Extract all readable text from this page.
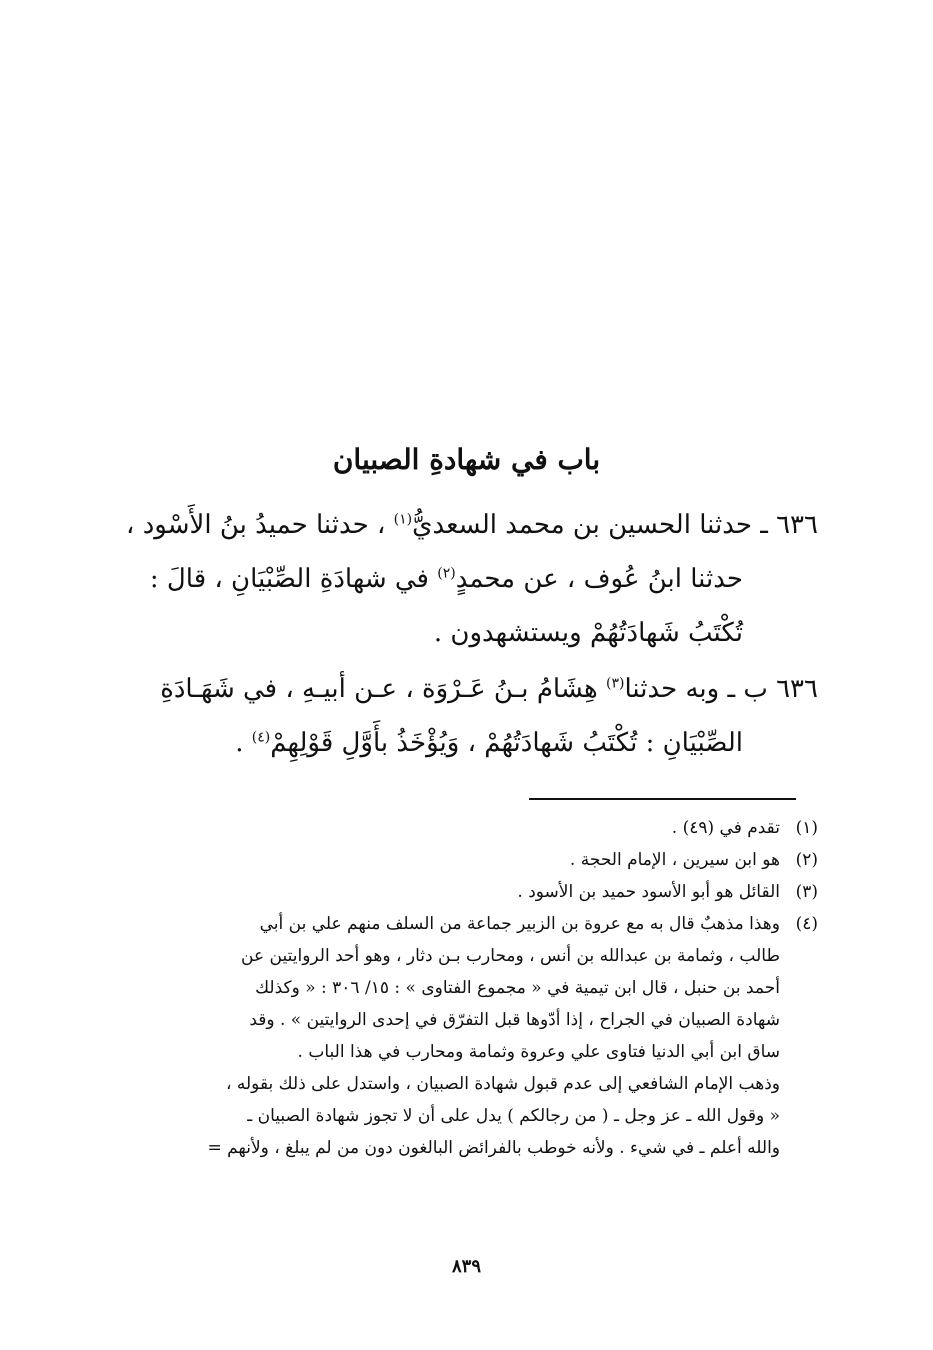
باب في شهادةِ الصبيان
٦٣٦ ـ حدثنا الحسين بن محمد السعديُّ$^{(١)}$ ، حدثنا حميدُ بنُ الأَسْود ،
حدثنا ابنُ عُوف ، عن محمدٍ$^{(٢)}$ في شهادَةِ الصِّبْيَانِ ، قالَ :
تُكْتَبُ شَهادَتُهُمْ ويستشهدون .
٦٣٦ ب ـ وبه حدثنا$^{(٣)}$ هِشَامُ بـنُ عَـرْوَة ، عـن أبيـهِ ، في شَهَـادَةِ
الصِّبْيَانِ : تُكْتَبُ شَهادَتُهُمْ ، وَيُؤْخَذُ بأَوَّلِ قَوْلِهِمْ$^{(٤)}$ .
(١)تقدم في (٤٩) .
(٢)هو ابن سيرين ، الإمام الحجة .
(٣)القائل هو أبو الأسود حميد بن الأسود .
(٤)وهذا مذهبٌ قال به مع عروة بن الزبير جماعة من السلف منهم علي بن أبي
طالب ، وثمامة بن عبدالله بن أنس ، ومحارب بـن دثار ، وهو أحد الروايتين عن
أحمد بن حنبل ، قال ابن تيمية في « مجموع الفتاوى » : ١٥/ ٣٠٦ : « وكذلك
شهادة الصبيان في الجراح ، إذا أدّوها قبل التفرّق في إحدى الروايتين » . وقد
ساق ابن أبي الدنيا فتاوى علي وعروة وثمامة ومحارب في هذا الباب .
وذهب الإمام الشافعي إلى عدم قبول شهادة الصبيان ، واستدل على ذلك بقوله ،
« وقول الله ـ عز وجل ـ ( من رجالكم ) يدل على أن لا تجوز شهادة الصبيان ـ
والله أعلم ـ في شيء . ولأنه خوطب بالفرائض البالغون دون من لم يبلغ ، ولأنهم =
٨٣٩
